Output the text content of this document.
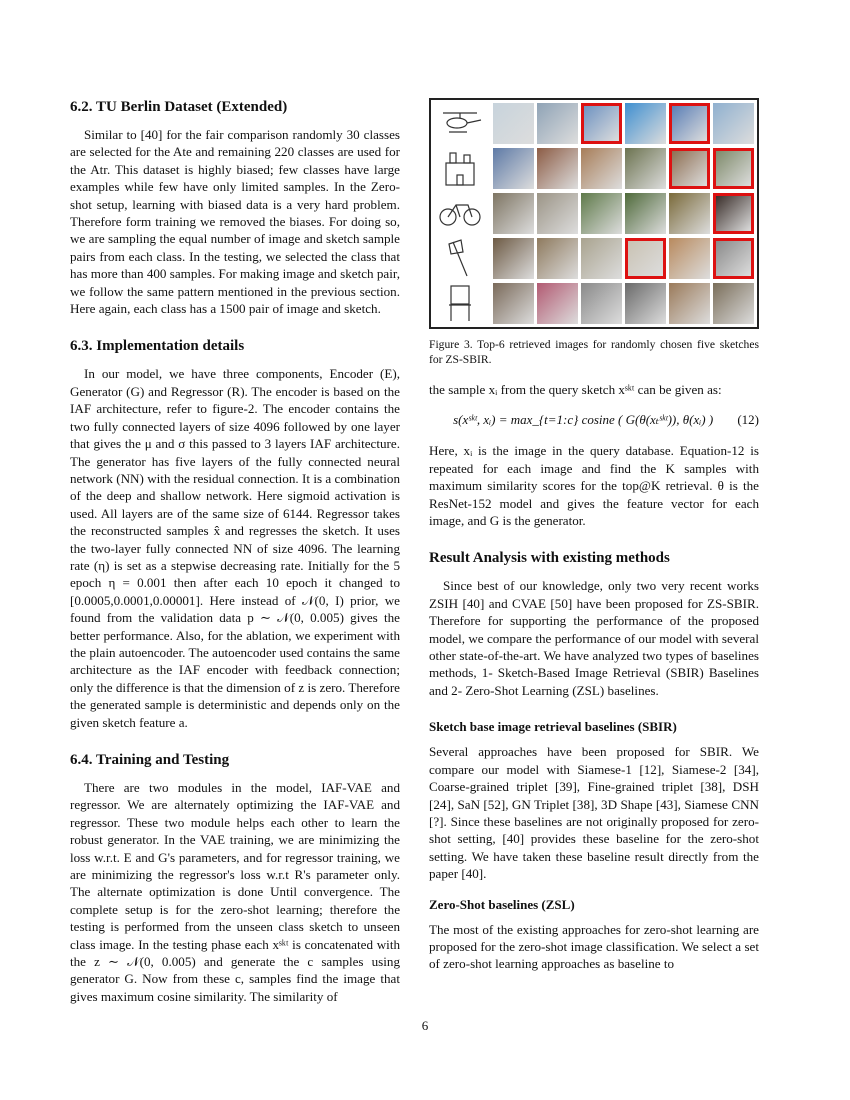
6.2. TU Berlin Dataset (Extended)

Similar to [40] for the fair comparison randomly 30 classes are selected for the Ate and remaining 220 classes are used for the Atr. This dataset is highly biased; few classes have large examples while few have only limited samples. In the Zero-shot setup, learning with biased data is a very hard problem. Therefore form training we removed the biases. For doing so, we are sampling the equal number of image and sketch sample pairs from each class. In the testing, we selected the class that has more than 400 samples. For making image and sketch pair, we follow the same pattern mentioned in the previous section. Here again, each class has a 1500 pair of image and sketch.

6.3. Implementation details

In our model, we have three components, Encoder (E), Generator (G) and Regressor (R). The encoder is based on the IAF architecture, refer to figure-2. The encoder contains the two fully connected layers of size 4096 followed by one layer that gives the μ and σ this passed to 3 layers IAF architecture. The generator has five layers of the fully connected neural network (NN) with the residual connection. It is a combination of the deep and shallow network. Here sigmoid activation is used. All layers are of the same size of 6144. Regressor takes the reconstructed samples x̂ and regresses the sketch. It uses the two-layer fully connected NN of size 4096. The learning rate (η) is set as a stepwise decreasing rate. Initially for the 5 epoch η = 0.001 then after each 10 epoch it changed to [0.0005,0.0001,0.00001]. Here instead of 𝒩(0, I) prior, we found from the validation data p ∼ 𝒩(0, 0.005) gives the better performance. Also, for the ablation, we experiment with the plain autoencoder. The autoencoder used contains the same architecture as the IAF encoder with feedback connection; only the difference is that the dimension of z is zero. Therefore the generated sample is deterministic and depends only on the given sketch feature a.

6.4. Training and Testing

There are two modules in the model, IAF-VAE and regressor. We are alternately optimizing the IAF-VAE and regressor. These two module helps each other to learn the robust generator. In the VAE training, we are minimizing the loss w.r.t. E and G's parameters, and for regressor training, we are minimizing the regressor's loss w.r.t R's parameter only. The alternate optimization is done Until convergence. The complete setup is for the zero-shot learning; therefore the testing is performed from the unseen class sketch to unseen class image. In the testing phase each xˢᵏᵗ is concatenated with the z ∼ 𝒩(0, 0.005) and generate the c samples using generator G. Now from these c, samples find the image that gives maximum cosine similarity. The similarity of

Figure 3. Top-6 retrieved images for randomly chosen five sketches for ZS-SBIR.

the sample xᵢ from the query sketch xˢᵏᵗ can be given as:

s(xˢᵏᵗ, xᵢ) = max_{t=1:c} cosine ( G(θ(xₜˢᵏᵗ)), θ(xᵢ) )	(12)

Here, xᵢ is the image in the query database. Equation-12 is repeated for each image and find the K samples with maximum similarity scores for the top@K retrieval. θ is the ResNet-152 model and gives the feature vector for each image, and G is the generator.

Result Analysis with existing methods

Since best of our knowledge, only two very recent works ZSIH [40] and CVAE [50] have been proposed for ZS-SBIR. Therefore for supporting the performance of the proposed model, we compare the performance of our model with several other state-of-the-art. We have analyzed two types of baselines methods, 1- Sketch-Based Image Retrieval (SBIR) Baselines and 2- Zero-Shot Learning (ZSL) baselines.

Sketch base image retrieval baselines (SBIR)

Several approaches have been proposed for SBIR. We compare our model with Siamese-1 [12], Siamese-2 [34], Coarse-grained triplet [39], Fine-grained triplet [38], DSH [24], SaN [52], GN Triplet [38], 3D Shape [43], Siamese CNN [?]. Since these baselines are not originally proposed for zero-shot setting, [40] provides these baseline for the zero-shot setting. We have taken these baseline result directly from the paper [40].

Zero-Shot baselines (ZSL)

The most of the existing approaches for zero-shot learning are proposed for the zero-shot image classification. We select a set of zero-shot learning approaches as baseline to

6
